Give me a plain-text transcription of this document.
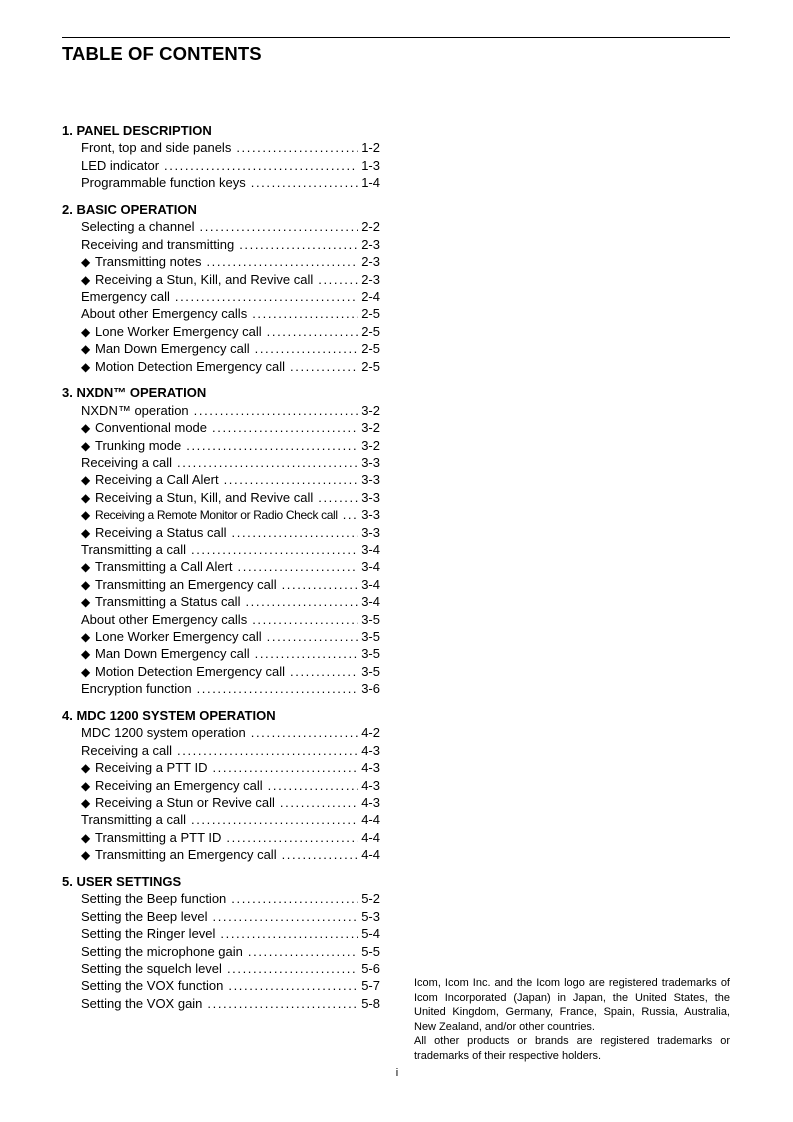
TABLE OF CONTENTS
1. PANEL DESCRIPTION
Front, top and side panels .....	1-2
LED indicator .....	1-3
Programmable function keys .....	1-4
2. BASIC OPERATION
Selecting a channel .....	2-2
Receiving and transmitting .....	2-3
◆ Transmitting notes .....	2-3
◆ Receiving a Stun, Kill, and Revive call .....	2-3
Emergency call .....	2-4
About other Emergency calls .....	2-5
◆ Lone Worker Emergency call .....	2-5
◆ Man Down Emergency call .....	2-5
◆ Motion Detection Emergency call .....	2-5
3. NXDN™ OPERATION
NXDN™ operation .....	3-2
◆ Conventional mode .....	3-2
◆ Trunking mode .....	3-2
Receiving a call .....	3-3
◆ Receiving a Call Alert .....	3-3
◆ Receiving a Stun, Kill, and Revive call .....	3-3
◆ Receiving a Remote Monitor or Radio Check call ..... 3-3
◆ Receiving a Status call .....	3-3
Transmitting a call .....	3-4
◆ Transmitting a Call Alert .....	3-4
◆ Transmitting an Emergency call .....	3-4
◆ Transmitting a Status call .....	3-4
About other Emergency calls .....	3-5
◆ Lone Worker Emergency call .....	3-5
◆ Man Down Emergency call .....	3-5
◆ Motion Detection Emergency call .....	3-5
Encryption function .....	3-6
4. MDC 1200 SYSTEM OPERATION
MDC 1200 system operation .....	4-2
Receiving a call .....	4-3
◆ Receiving a PTT ID .....	4-3
◆ Receiving an Emergency call .....	4-3
◆ Receiving a Stun or Revive call .....	4-3
Transmitting a call .....	4-4
◆ Transmitting a PTT ID .....	4-4
◆ Transmitting an Emergency call .....	4-4
5. USER SETTINGS
Setting the Beep function .....	5-2
Setting the Beep level .....	5-3
Setting the Ringer level .....	5-4
Setting the microphone gain .....	5-5
Setting the squelch level .....	5-6
Setting the VOX function .....	5-7
Setting the VOX gain .....	5-8

Icom, Icom Inc. and the Icom logo are registered trademarks of Icom Incorporated (Japan) in Japan, the United States, the United Kingdom, Germany, France, Spain, Russia, Australia, New Zealand, and/or other countries.

All other products or brands are registered trademarks or trademarks of their respective holders.

i
